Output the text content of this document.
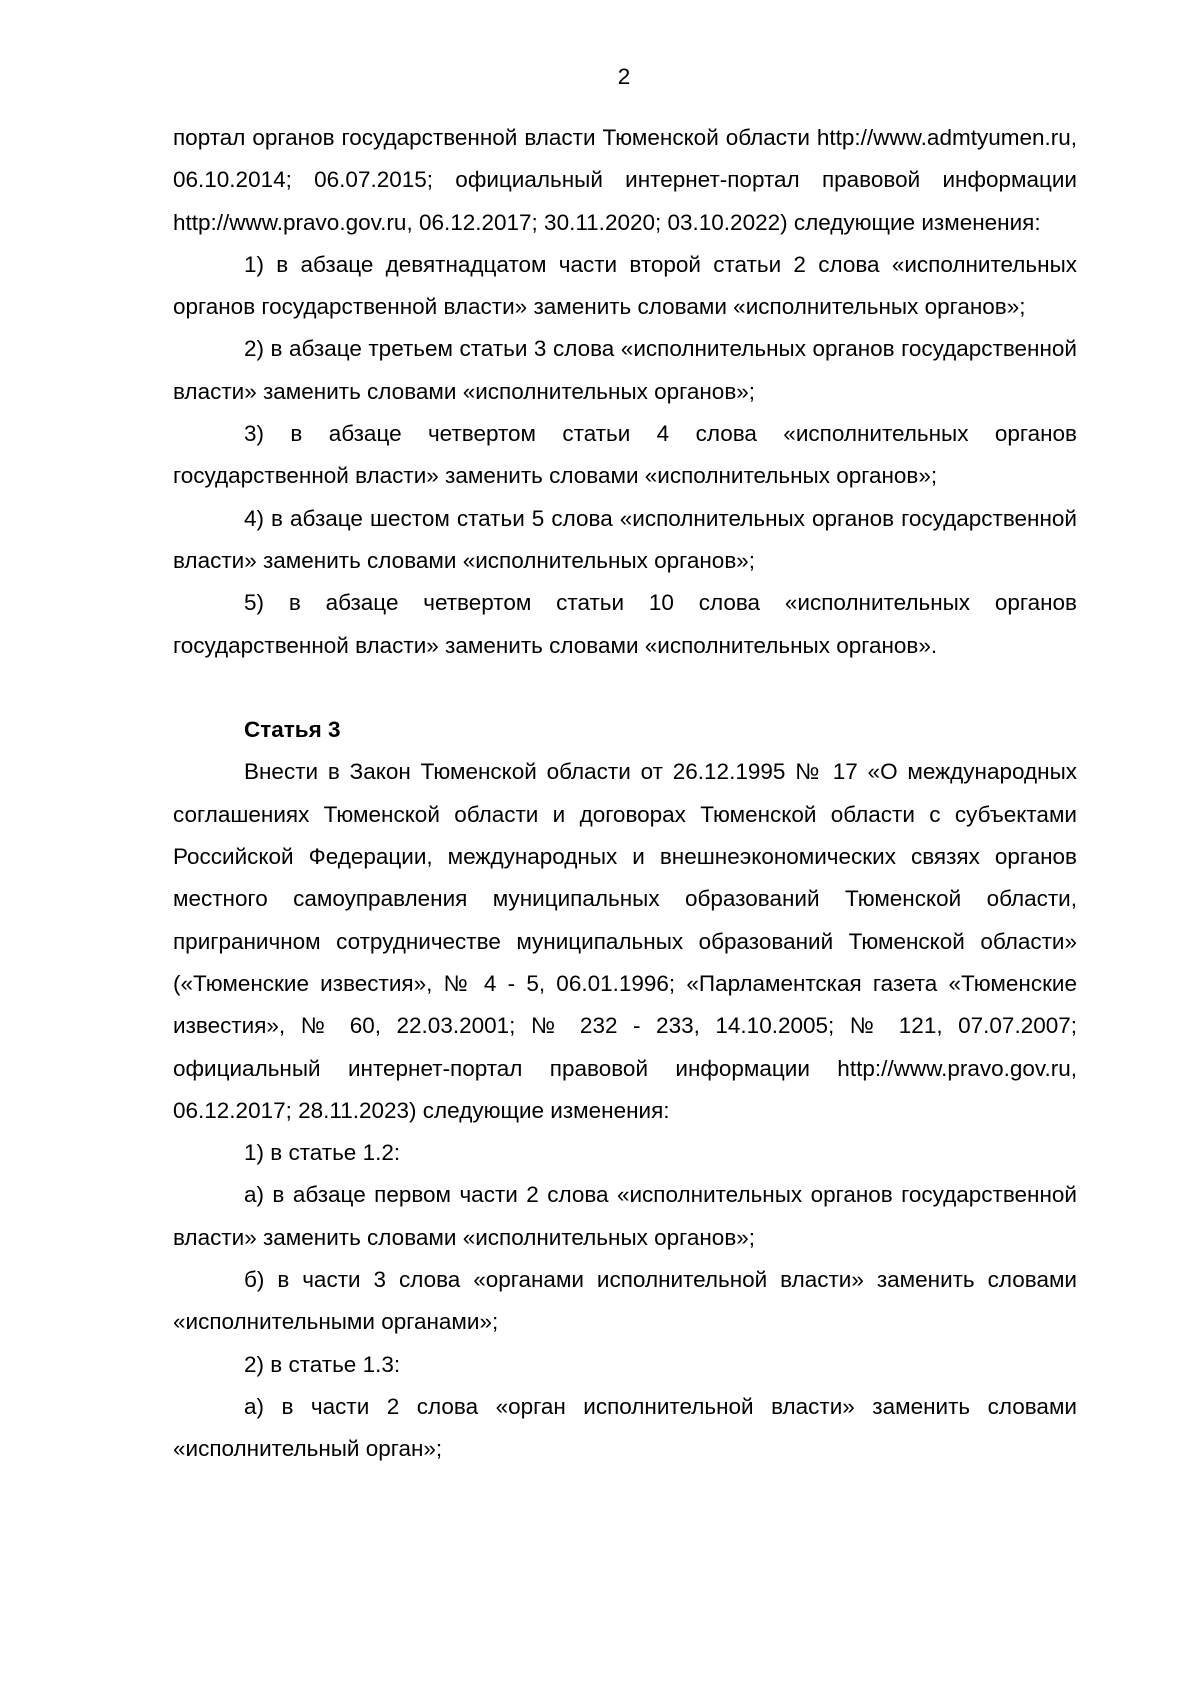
2

портал органов государственной власти Тюменской области http://www.admtyumen.ru, 06.10.2014; 06.07.2015; официальный интернет-портал правовой информации http://www.pravo.gov.ru, 06.12.2017; 30.11.2020; 03.10.2022) следующие изменения:

1) в абзаце девятнадцатом части второй статьи 2 слова «исполнительных органов государственной власти» заменить словами «исполнительных органов»;

2) в абзаце третьем статьи 3 слова «исполнительных органов государственной власти» заменить словами «исполнительных органов»;

3) в абзаце четвертом статьи 4 слова «исполнительных органов государственной власти» заменить словами «исполнительных органов»;

4) в абзаце шестом статьи 5 слова «исполнительных органов государственной власти» заменить словами «исполнительных органов»;

5) в абзаце четвертом статьи 10 слова «исполнительных органов государственной власти» заменить словами «исполнительных органов».

Статья 3

Внести в Закон Тюменской области от 26.12.1995 № 17 «О международных соглашениях Тюменской области и договорах Тюменской области с субъектами Российской Федерации, международных и внешнеэкономических связях органов местного самоуправления муниципальных образований Тюменской области, приграничном сотрудничестве муниципальных образований Тюменской области» («Тюменские известия», № 4 - 5, 06.01.1996; «Парламентская газета «Тюменские известия», № 60, 22.03.2001; № 232 - 233, 14.10.2005; № 121, 07.07.2007; официальный интернет-портал правовой информации http://www.pravo.gov.ru, 06.12.2017; 28.11.2023) следующие изменения:

1) в статье 1.2:

а) в абзаце первом части 2 слова «исполнительных органов государственной власти» заменить словами «исполнительных органов»;

б) в части 3 слова «органами исполнительной власти» заменить словами «исполнительными органами»;

2) в статье 1.3:

а) в части 2 слова «орган исполнительной власти» заменить словами «исполнительный орган»;
